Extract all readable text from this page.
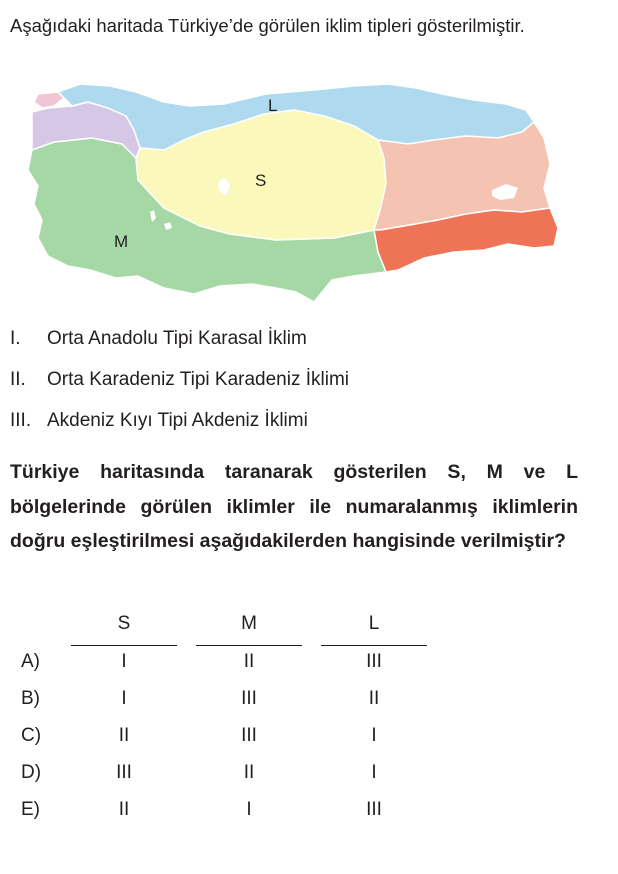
Aşağıdaki haritada Türkiye’de görülen iklim tipleri gösterilmiştir.

L
S
M
I. Orta Anadolu Tipi Karasal İklim
II. Orta Karadeniz Tipi Karadeniz İklimi
III. Akdeniz Kıyı Tipi Akdeniz İklimi

Türkiye haritasında taranarak gösterilen S, M ve L bölgelerinde görülen iklimler ile numaralanmış iklimlerin doğru eşleştirilmesi aşağıdakilerden hangisinde verilmiştir?

S	M	L
A)	I	II	III
B)	I	III	II
C)	II	III	I
D)	III	II	I
E)	II	I	III
